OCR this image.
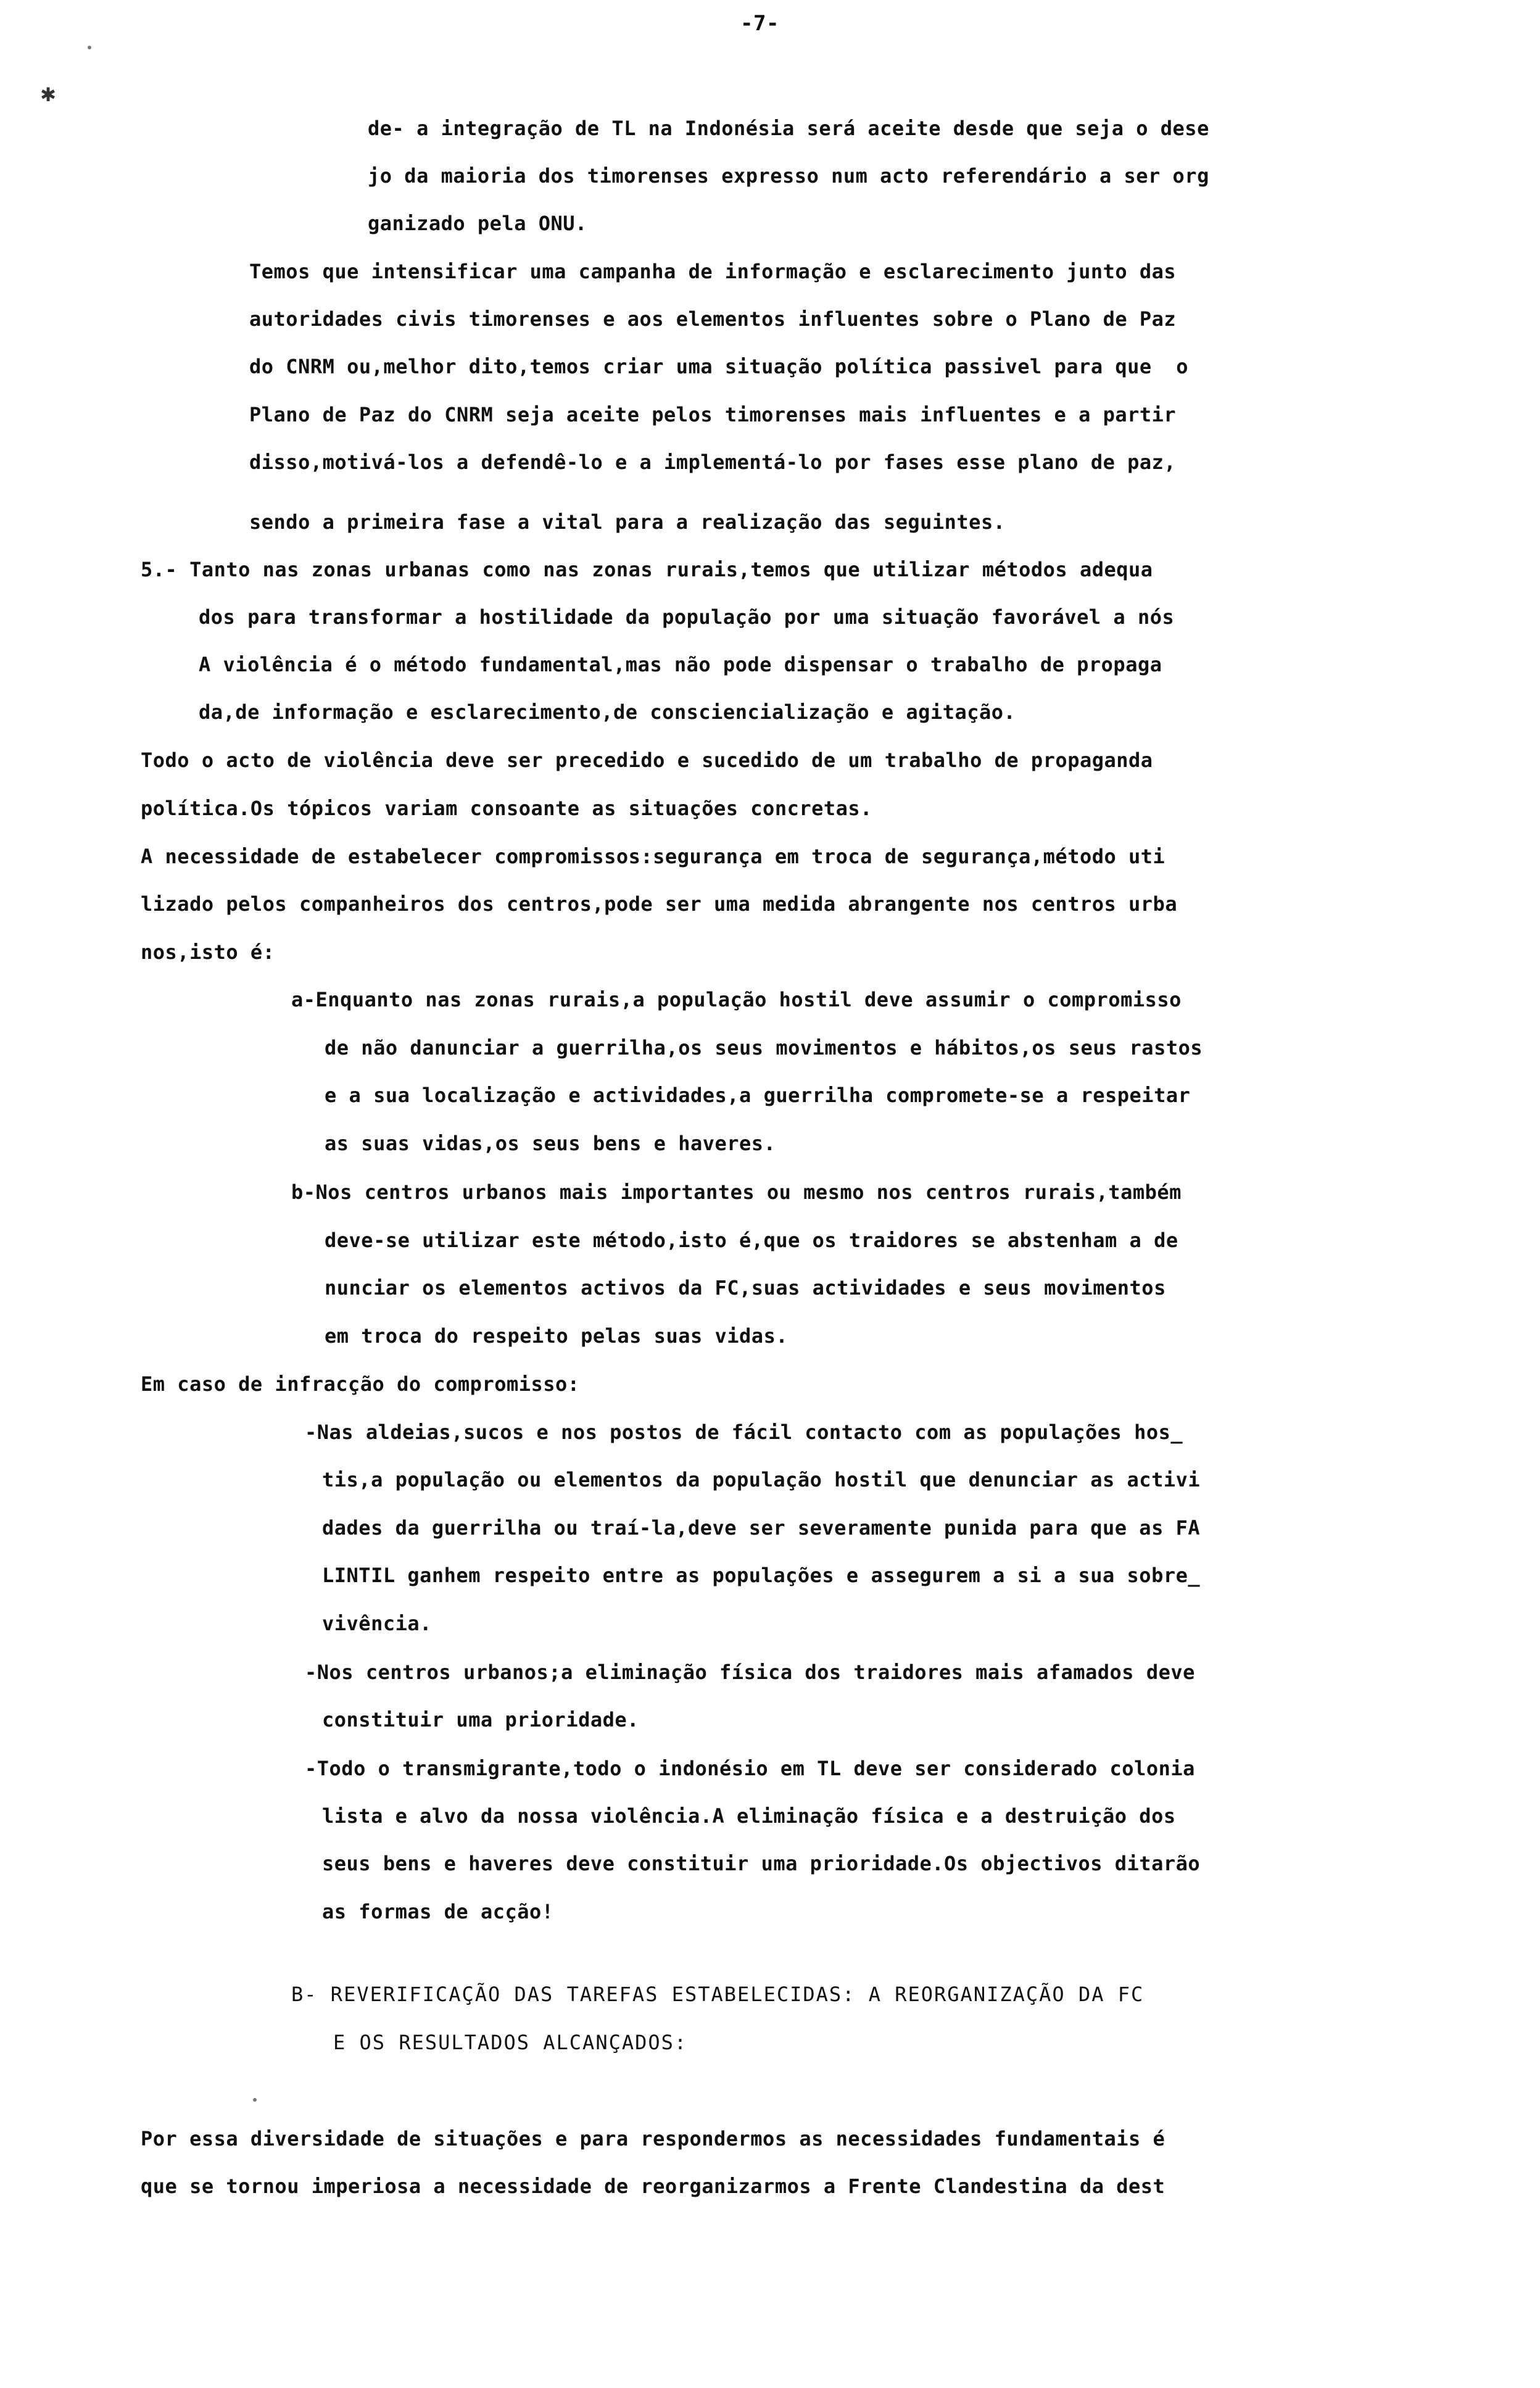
✱
-7-
de- a integração de TL na Indonésia será aceite desde que seja o dese
jo da maioria dos timorenses expresso num acto referendário a ser org
ganizado pela ONU.
Temos que intensificar uma campanha de informação e esclarecimento junto das
autoridades civis timorenses e aos elementos influentes sobre o Plano de Paz
do CNRM ou,melhor dito,temos criar uma situação política passivel para que  o
Plano de Paz do CNRM seja aceite pelos timorenses mais influentes e a partir
disso,motivá-los a defendê-lo e a implementá-lo por fases esse plano de paz,
sendo a primeira fase a vital para a realização das seguintes.
5.- Tanto nas zonas urbanas como nas zonas rurais,temos que utilizar métodos adequa
dos para transformar a hostilidade da população por uma situação favorável a nós
A violência é o método fundamental,mas não pode dispensar o trabalho de propaga
da,de informação e esclarecimento,de consciencialização e agitação.
Todo o acto de violência deve ser precedido e sucedido de um trabalho de propaganda
política.Os tópicos variam consoante as situações concretas.
A necessidade de estabelecer compromissos:segurança em troca de segurança,método uti
lizado pelos companheiros dos centros,pode ser uma medida abrangente nos centros urba
nos,isto é:
a-Enquanto nas zonas rurais,a população hostil deve assumir o compromisso
de não danunciar a guerrilha,os seus movimentos e hábitos,os seus rastos
e a sua localização e actividades,a guerrilha compromete-se a respeitar
as suas vidas,os seus bens e haveres.
b-Nos centros urbanos mais importantes ou mesmo nos centros rurais,também
deve-se utilizar este método,isto é,que os traidores se abstenham a de
nunciar os elementos activos da FC,suas actividades e seus movimentos
em troca do respeito pelas suas vidas.
Em caso de infracção do compromisso:
-Nas aldeias,sucos e nos postos de fácil contacto com as populações hos_
tis,a população ou elementos da população hostil que denunciar as activi
dades da guerrilha ou traí-la,deve ser severamente punida para que as FA
LINTIL ganhem respeito entre as populações e assegurem a si a sua sobre_
vivência.
-Nos centros urbanos;a eliminação física dos traidores mais afamados deve
constituir uma prioridade.
-Todo o transmigrante,todo o indonésio em TL deve ser considerado colonia
lista e alvo da nossa violência.A eliminação física e a destruição dos
seus bens e haveres deve constituir uma prioridade.Os objectivos ditarão
as formas de acção!
B- REVERIFICAÇÃO DAS TAREFAS ESTABELECIDAS: A REORGANIZAÇÃO DA FC
E OS RESULTADOS ALCANÇADOS:
Por essa diversidade de situações e para respondermos as necessidades fundamentais é
que se tornou imperiosa a necessidade de reorganizarmos a Frente Clandestina da dest
